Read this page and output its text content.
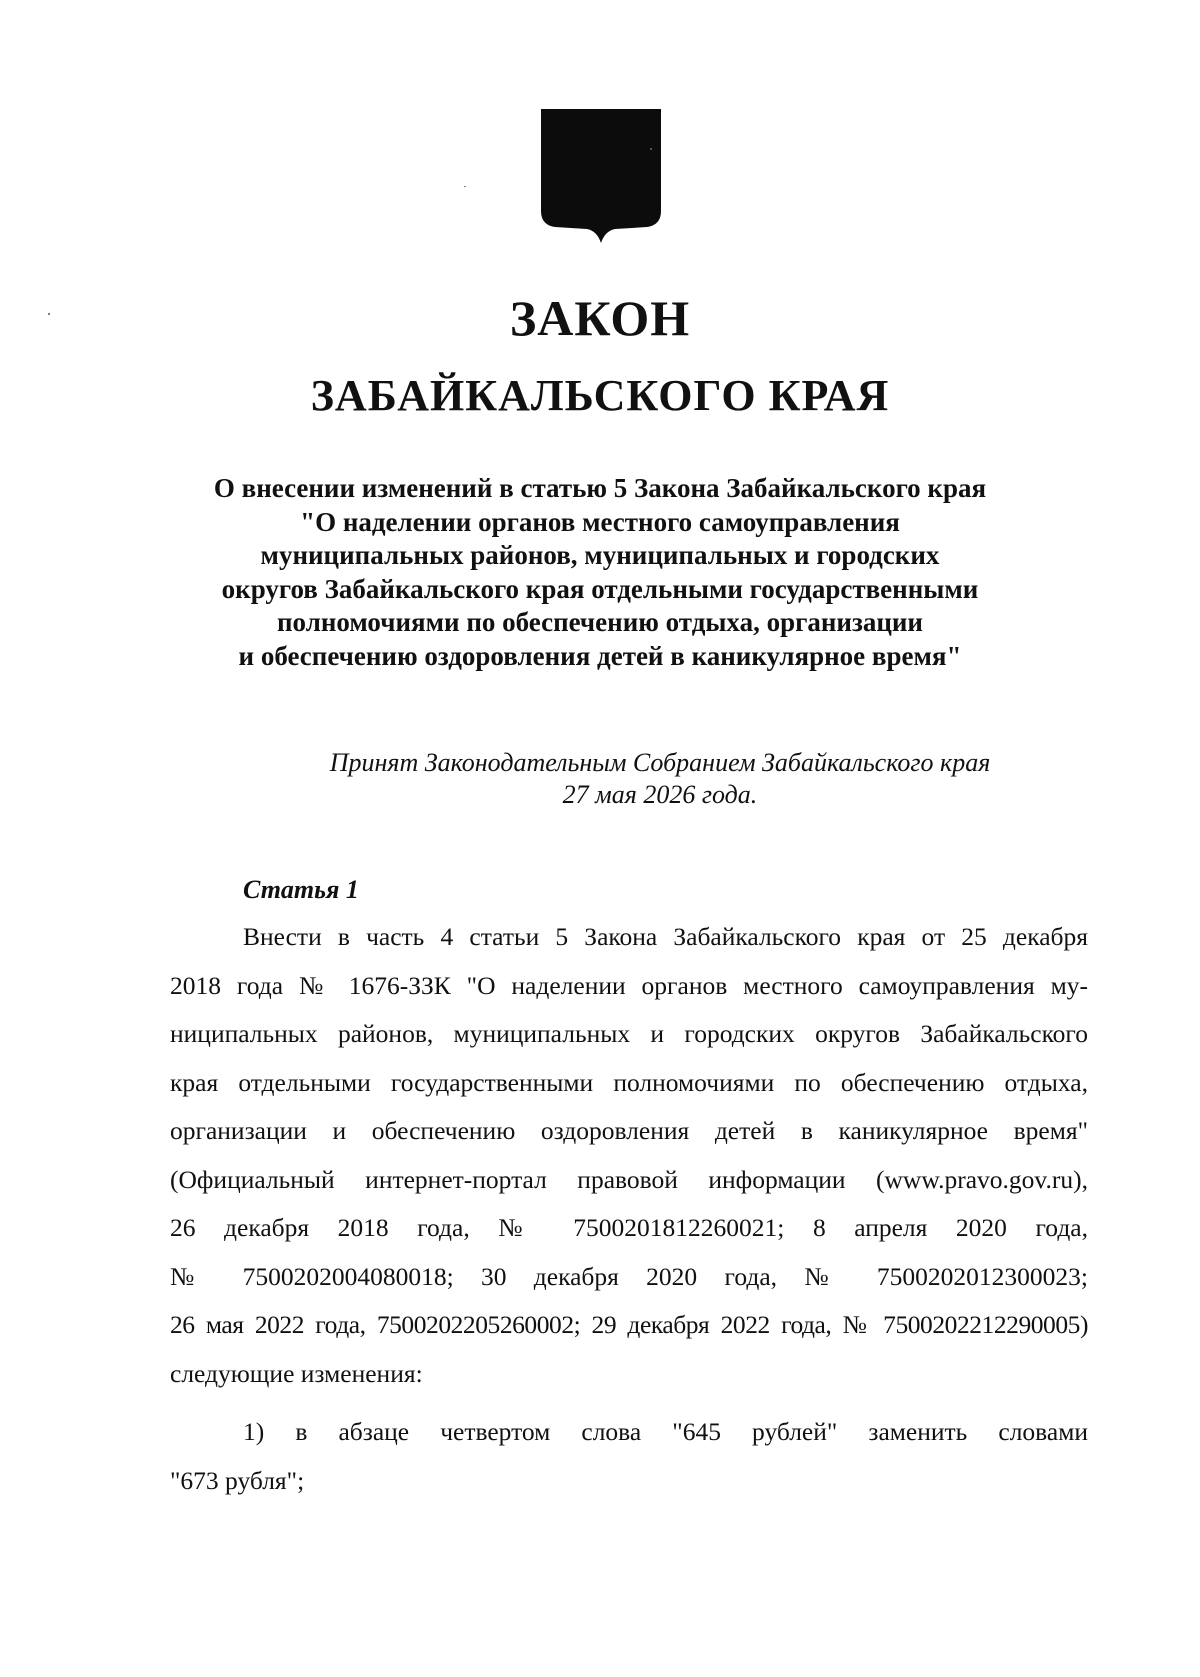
ЗАКОН
ЗАБАЙКАЛЬСКОГО КРАЯ
О внесении изменений в статью 5 Закона Забайкальского края
"О наделении органов местного самоуправления
муниципальных районов, муниципальных и городских
округов Забайкальского края отдельными государственными
полномочиями по обеспечению отдыха, организации
и обеспечению оздоровления детей в каникулярное время"
Принят Законодательным Собранием Забайкальского края
27 мая 2026 года.
Статья 1
Внести в часть 4 статьи 5 Закона Забайкальского края от 25 декабря
2018 года № 1676-ЗЗК "О наделении органов местного самоуправления му-
ниципальных районов, муниципальных и городских округов Забайкальского
края отдельными государственными полномочиями по обеспечению отдыха,
организации и обеспечению оздоровления детей в каникулярное время"
(Официальный интернет-портал правовой информации (www.pravo.gov.ru),
26 декабря 2018 года, № 7500201812260021; 8 апреля 2020 года,
№ 7500202004080018; 30 декабря 2020 года, № 7500202012300023;
26 мая 2022 года, 7500202205260002; 29 декабря 2022 года, № 7500202212290005)
следующие изменения:
1) в абзаце четвертом слова "645 рублей" заменить словами
"673 рубля";
